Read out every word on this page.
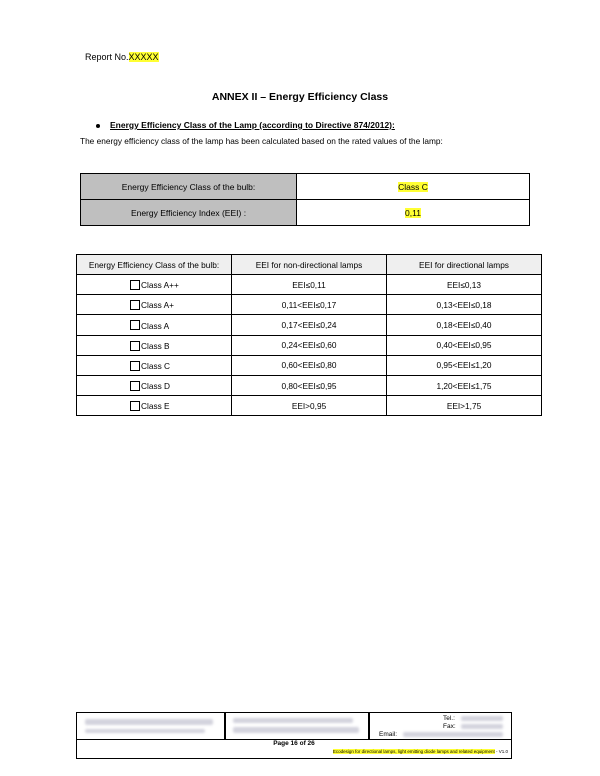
Report No.XXXXX
ANNEX II – Energy Efficiency Class
Energy Efficiency Class of the Lamp (according to Directive 874/2012):
The energy efficiency class of the lamp has been calculated based on the rated values of the lamp:
Energy Efficiency Class of the bulb:	Class C
Energy Efficiency Index (EEI) :	0,11
Energy Efficiency Class of the bulb:	EEI for non-directional lamps	EEI for directional lamps
Class A++	EEI≤0,11	EEI≤0,13
Class A+	0,11<EEI≤0,17	0,13<EEI≤0,18
Class A	0,17<EEI≤0,24	0,18<EEI≤0,40
Class B	0,24<EEI≤0,60	0,40<EEI≤0,95
Class C	0,60<EEI≤0,80	0,95<EEI≤1,20
Class D	0,80<EEI≤0,95	1,20<EEI≤1,75
Class E	EEI>0,95	EEI>1,75
Tel.:
Fax:
Email:
Page 16 of 26
Ecodesign for directional lamps, light emitting diode lamps and related equipment - V1.0
